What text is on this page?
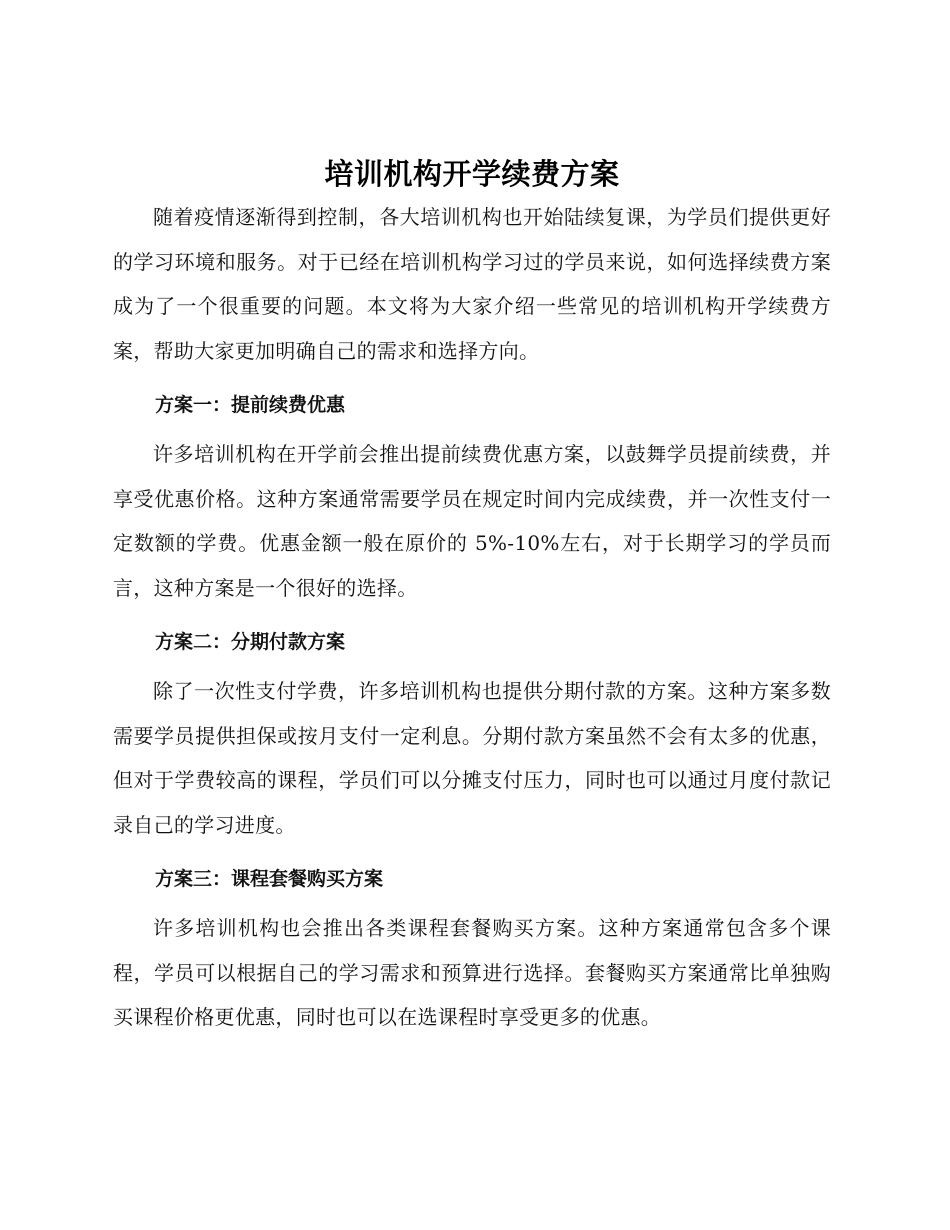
培训机构开学续费方案

随着疫情逐渐得到控制，各大培训机构也开始陆续复课，为学员们提供更好的学习环境和服务。对于已经在培训机构学习过的学员来说，如何选择续费方案成为了一个很重要的问题。本文将为大家介绍一些常见的培训机构开学续费方案，帮助大家更加明确自己的需求和选择方向。

方案一：提前续费优惠

许多培训机构在开学前会推出提前续费优惠方案，以鼓舞学员提前续费，并享受优惠价格。这种方案通常需要学员在规定时间内完成续费，并一次性支付一定数额的学费。优惠金额一般在原价的 5%-10%左右，对于长期学习的学员而言，这种方案是一个很好的选择。

方案二：分期付款方案

除了一次性支付学费，许多培训机构也提供分期付款的方案。这种方案多数需要学员提供担保或按月支付一定利息。分期付款方案虽然不会有太多的优惠，但对于学费较高的课程，学员们可以分摊支付压力，同时也可以通过月度付款记录自己的学习进度。

方案三：课程套餐购买方案

许多培训机构也会推出各类课程套餐购买方案。这种方案通常包含多个课程，学员可以根据自己的学习需求和预算进行选择。套餐购买方案通常比单独购买课程价格更优惠，同时也可以在选课程时享受更多的优惠。
